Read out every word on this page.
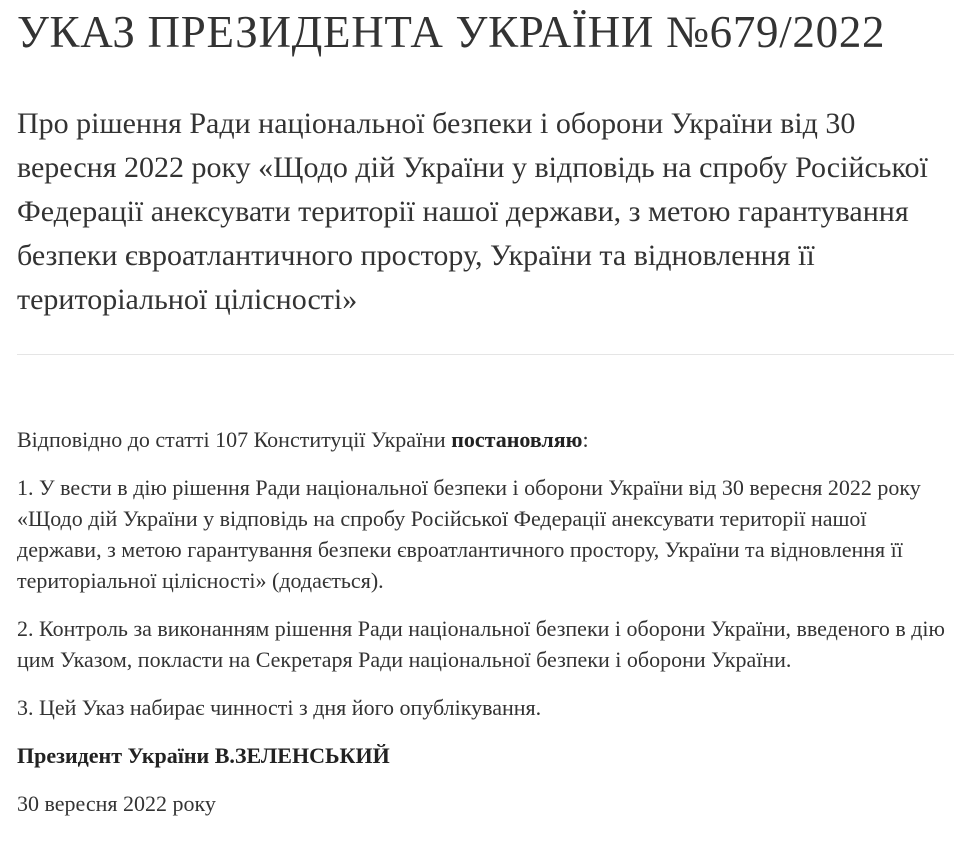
УКАЗ ПРЕЗИДЕНТА УКРАЇНИ №679/2022
Про рішення Ради національної безпеки і оборони України від 30 вересня 2022 року «Щодо дій України у відповідь на спробу Російської Федерації анексувати території нашої держави, з метою гарантування безпеки євроатлантичного простору, України та відновлення її територіальної цілісності»

Відповідно до статті 107 Конституції України постановляю:

1. У вести в дію рішення Ради національної безпеки і оборони України від 30 вересня 2022 року «Щодо дій України у відповідь на спробу Російської Федерації анексувати території нашої держави, з метою гарантування безпеки євроатлантичного простору, України та відновлення її територіальної цілісності» (додається).

2. Контроль за виконанням рішення Ради національної безпеки і оборони України, введеного в дію цим Указом, покласти на Секретаря Ради національної безпеки і оборони України.

3. Цей Указ набирає чинності з дня його опублікування.

Президент України В.ЗЕЛЕНСЬКИЙ

30 вересня 2022 року
